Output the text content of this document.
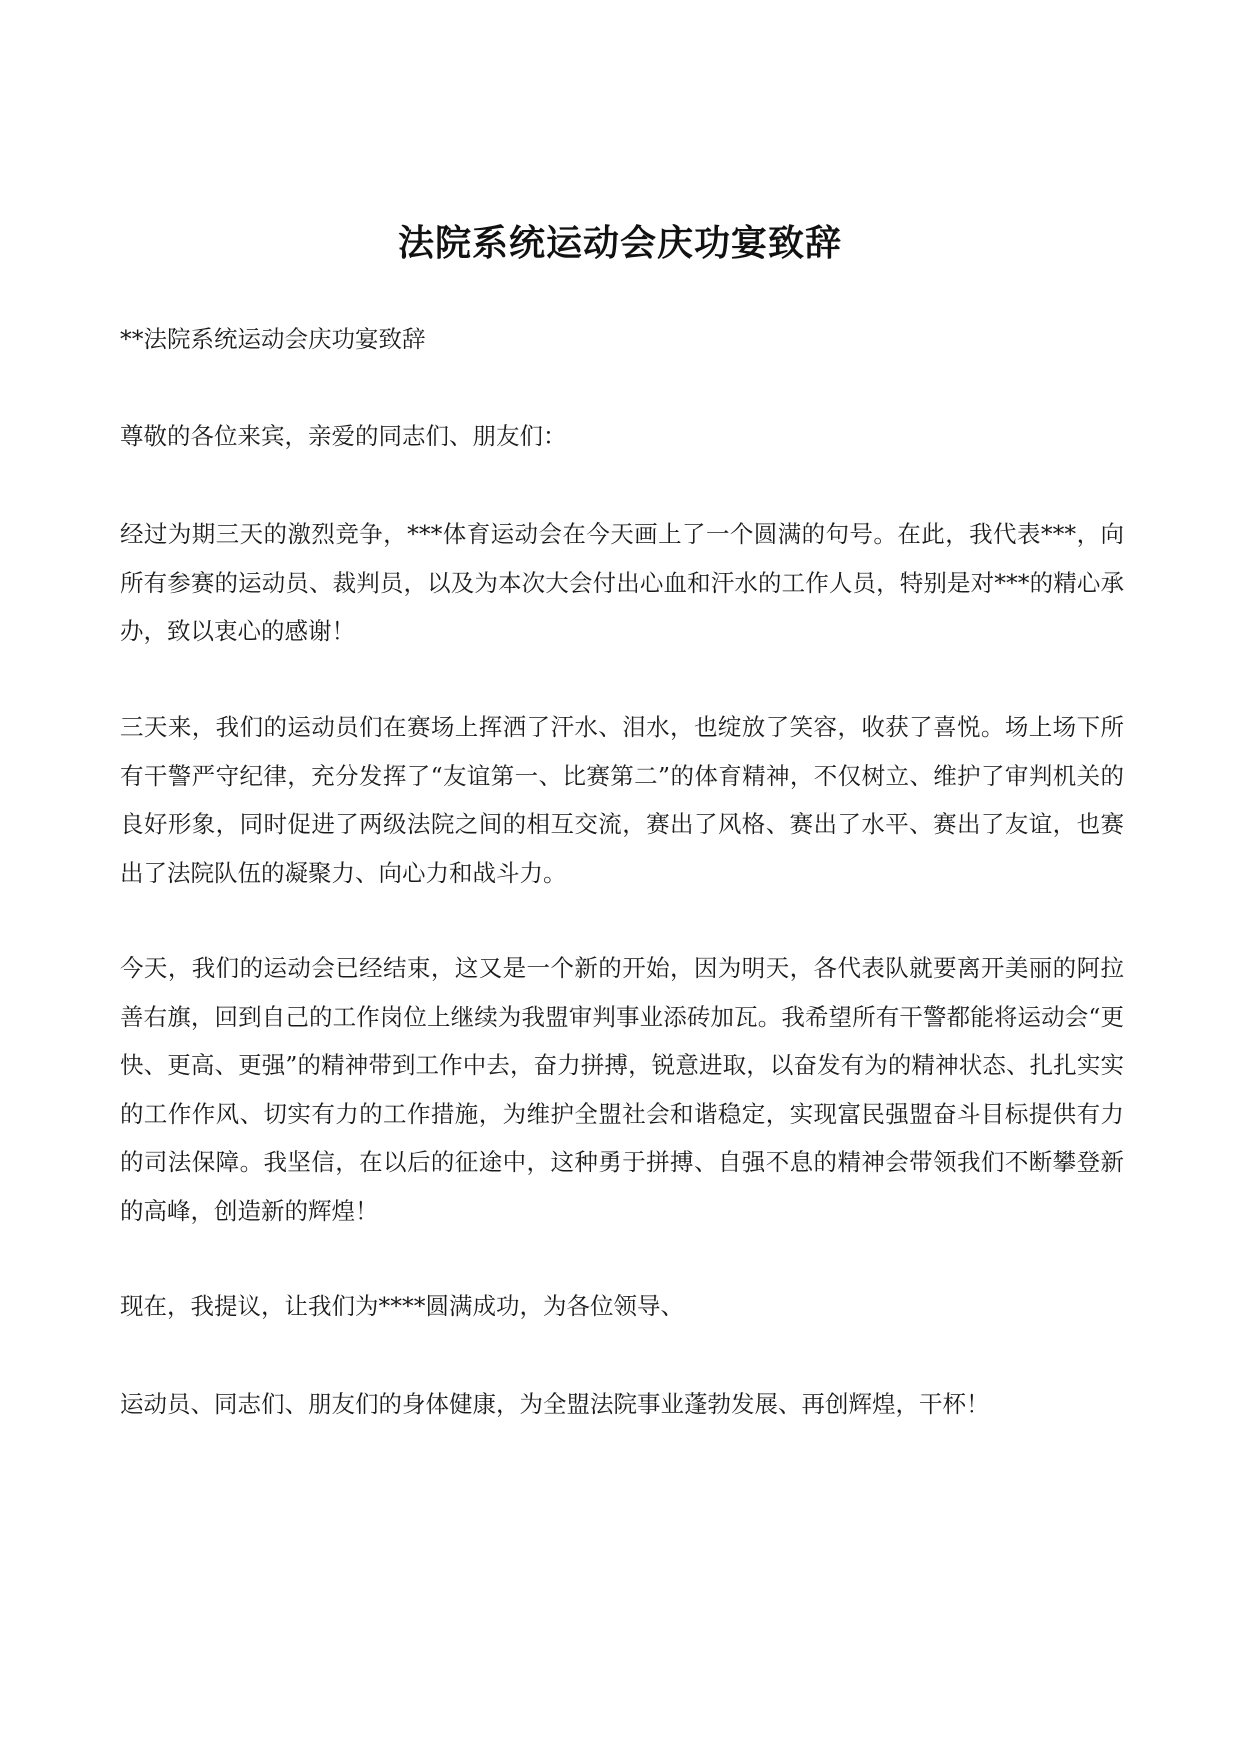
法院系统运动会庆功宴致辞

**法院系统运动会庆功宴致辞

尊敬的各位来宾，亲爱的同志们、朋友们：

经过为期三天的激烈竞争，***体育运动会在今天画上了一个圆满的句号。在此，我代表***，向所有参赛的运动员、裁判员，以及为本次大会付出心血和汗水的工作人员，特别是对***的精心承办，致以衷心的感谢！

三天来，我们的运动员们在赛场上挥洒了汗水、泪水，也绽放了笑容，收获了喜悦。场上场下所有干警严守纪律，充分发挥了“友谊第一、比赛第二”的体育精神，不仅树立、维护了审判机关的良好形象，同时促进了两级法院之间的相互交流，赛出了风格、赛出了水平、赛出了友谊，也赛出了法院队伍的凝聚力、向心力和战斗力。

今天，我们的运动会已经结束，这又是一个新的开始，因为明天，各代表队就要离开美丽的阿拉善右旗，回到自己的工作岗位上继续为我盟审判事业添砖加瓦。我希望所有干警都能将运动会“更快、更高、更强”的精神带到工作中去，奋力拼搏，锐意进取，以奋发有为的精神状态、扎扎实实的工作作风、切实有力的工作措施，为维护全盟社会和谐稳定，实现富民强盟奋斗目标提供有力的司法保障。我坚信，在以后的征途中，这种勇于拼搏、自强不息的精神会带领我们不断攀登新的高峰，创造新的辉煌！

现在，我提议，让我们为****圆满成功，为各位领导、

运动员、同志们、朋友们的身体健康，为全盟法院事业蓬勃发展、再创辉煌，干杯！
